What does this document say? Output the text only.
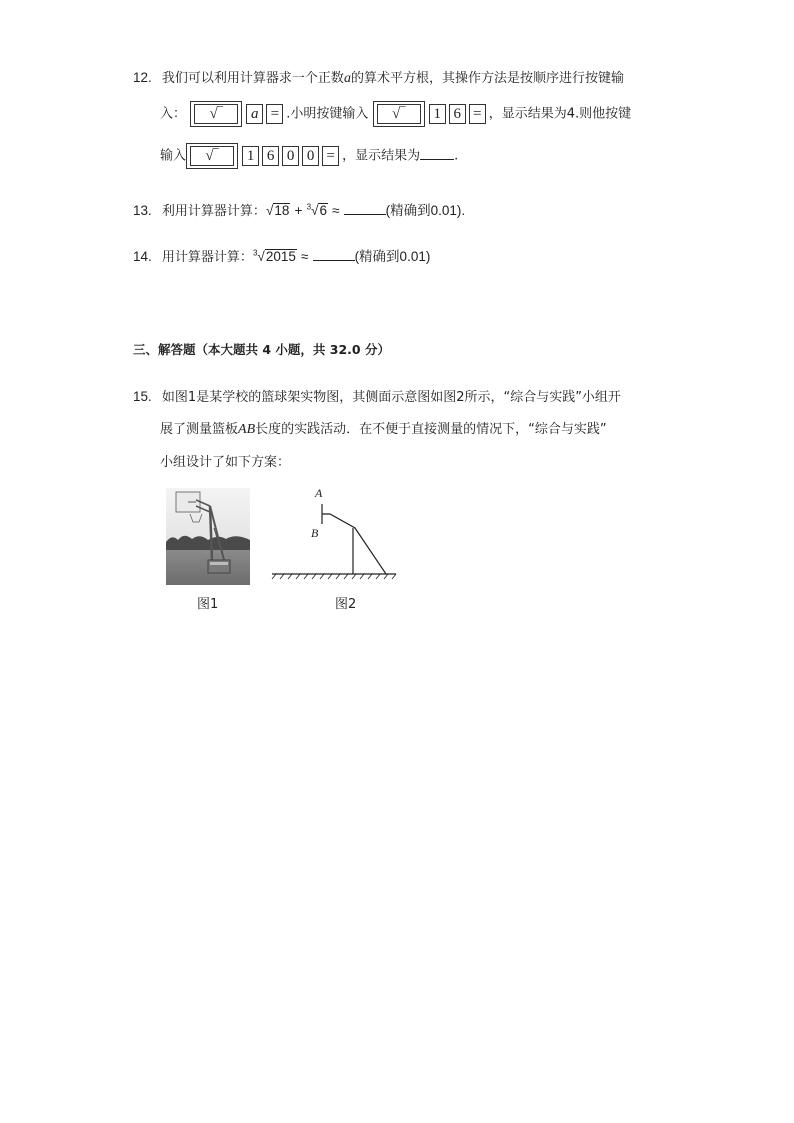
12. 我们可以利用计算器求一个正数a的算术平方根，其操作方法是按顺序进行按键输
入： √‾ a = .小明按键输入 √‾ 1 6 = ，显示结果为4.则他按键
输入 √‾ 1 6 0 0 = ，显示结果为	.
13. 利用计算器计算：√18 + $^3$√6 ≈	(精确到0.01).
14. 用计算器计算：$^3$√2015 ≈	(精确到0.01)
三、解答题（本大题共 4 小题，共 32.0 分）
15. 如图1是某学校的篮球架实物图，其侧面示意图如图2所示，“综合与实践”小组开
展了测量篮板AB长度的实践活动．在不便于直接测量的情况下，“综合与实践”
小组设计了如下方案：
图1
A
B
图2
